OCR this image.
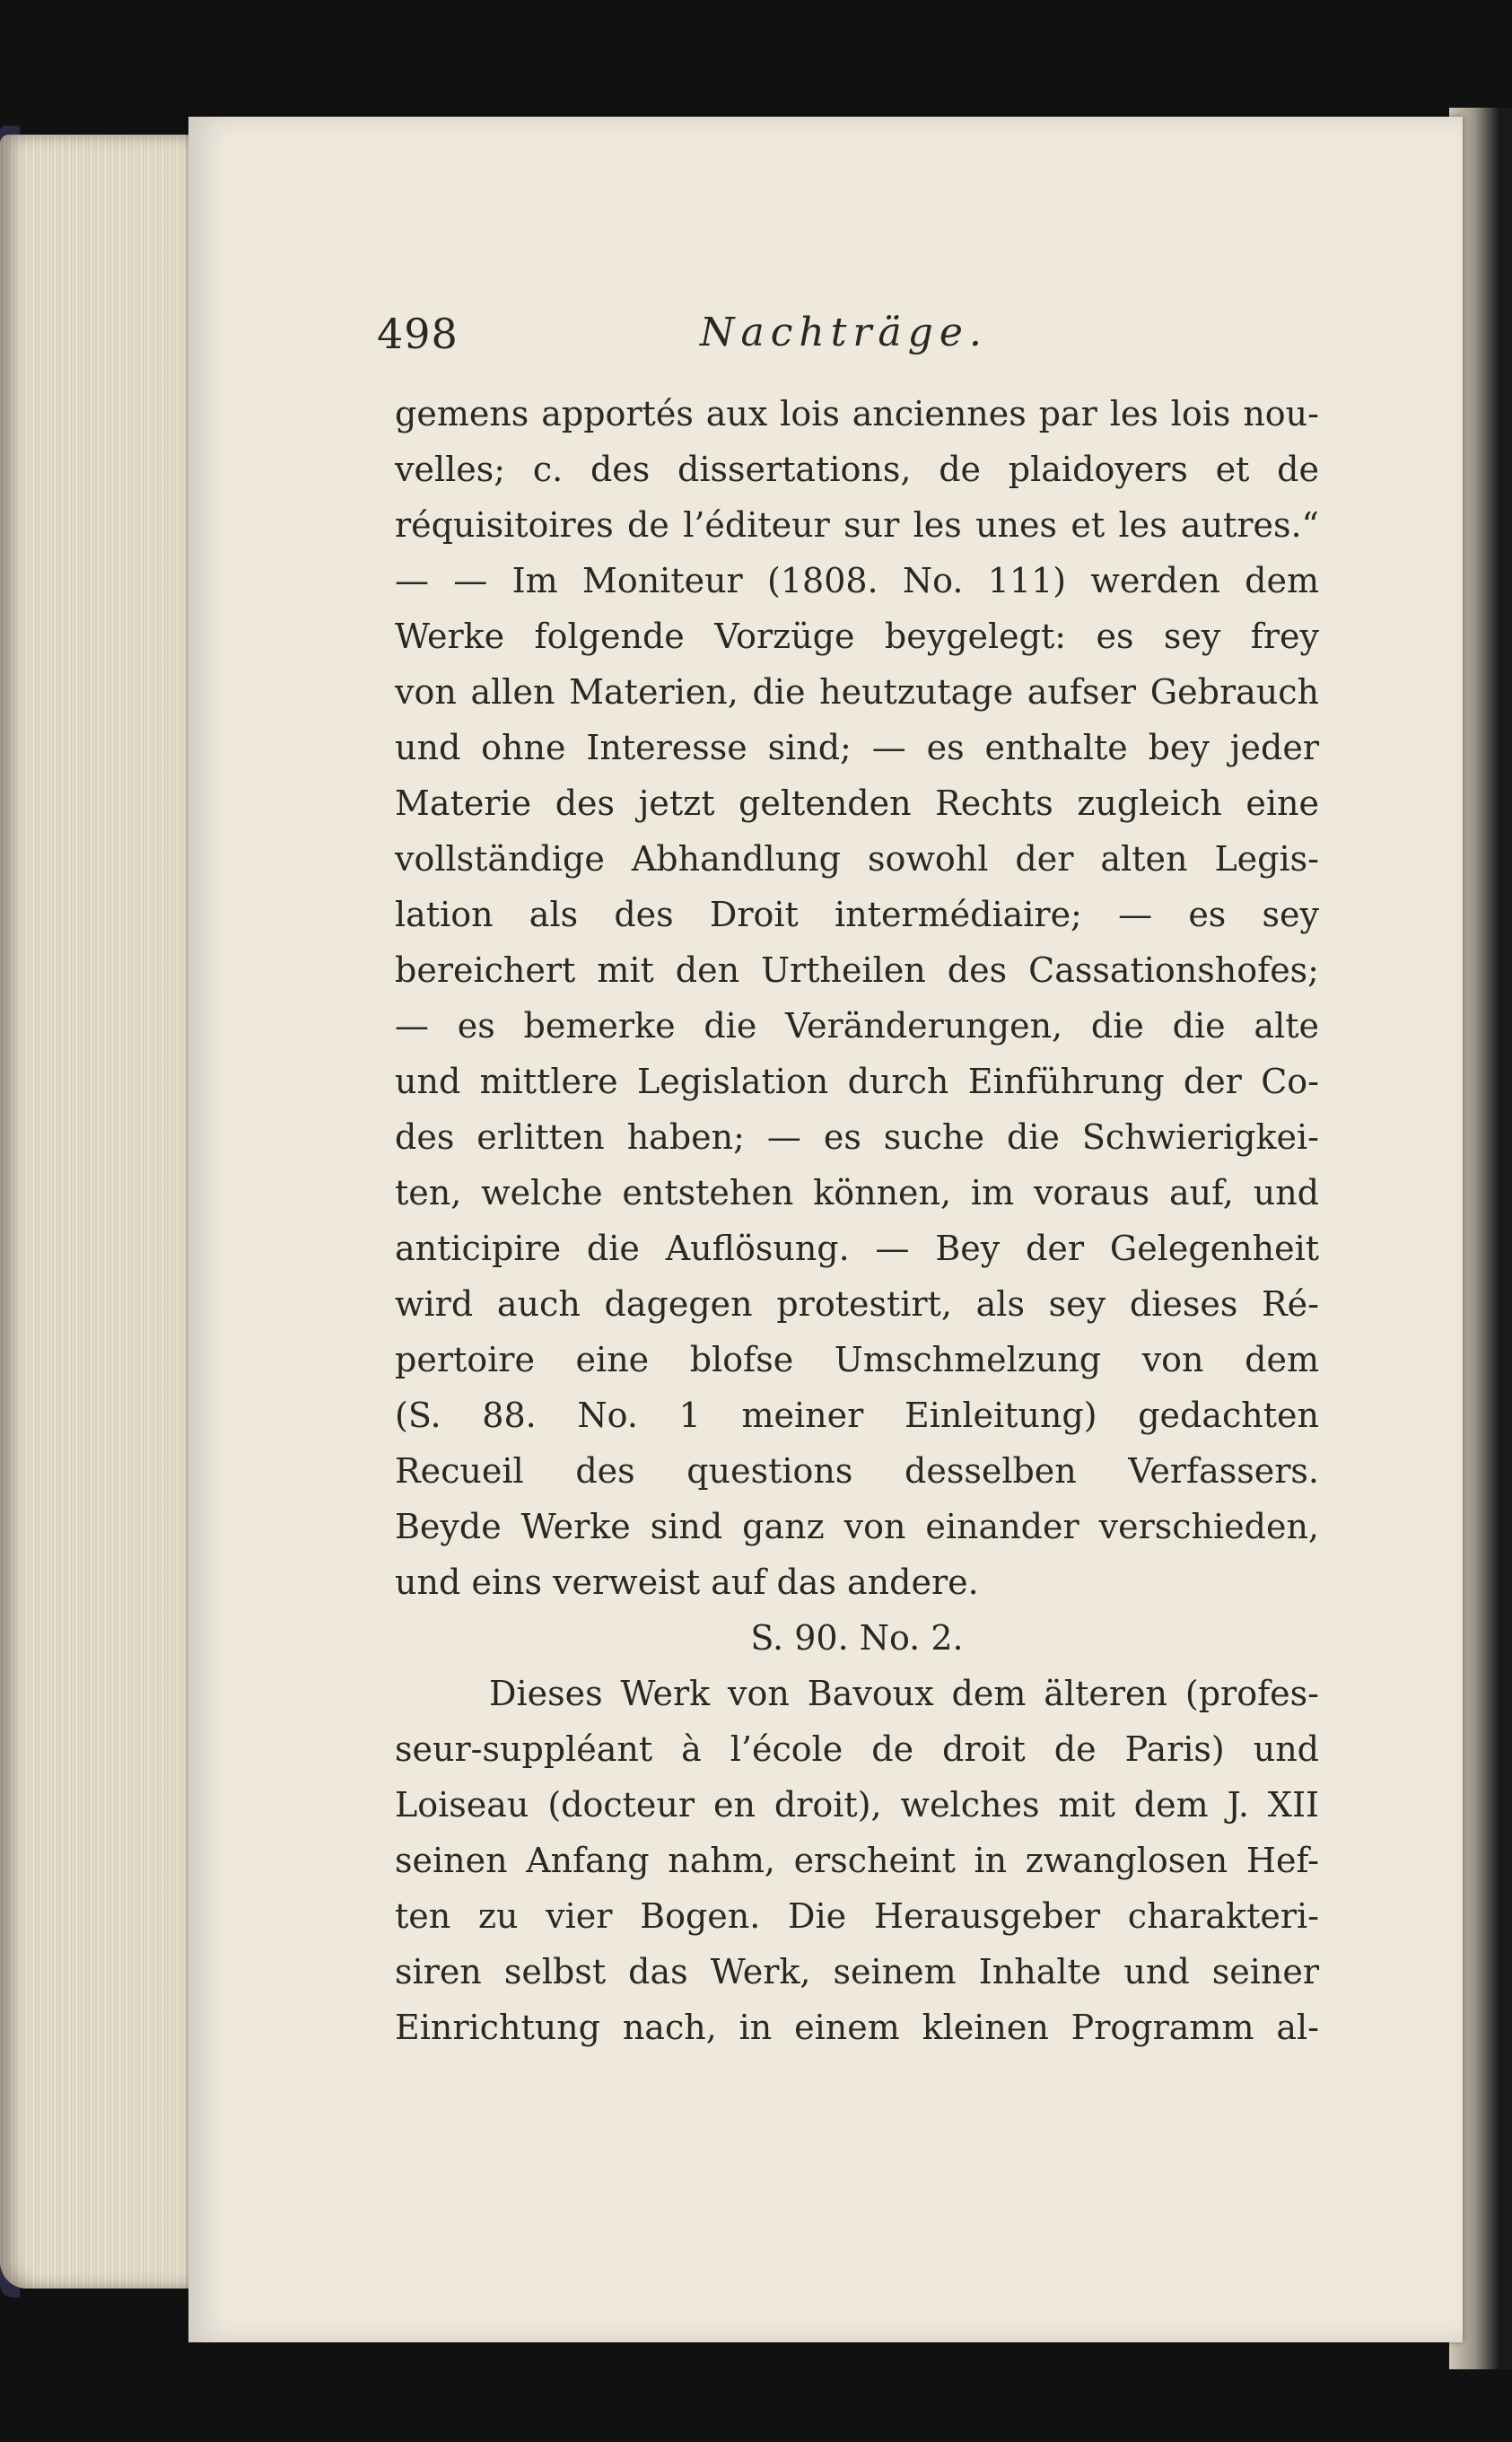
498	Nachträge.
gemens apportés aux lois anciennes par les lois nou-
velles; c. des dissertations, de plaidoyers et de
réquisitoires de l’éditeur sur les unes et les autres.“
— — Im Moniteur (1808. No. 111) werden dem
Werke folgende Vorzüge beygelegt: es sey frey
von allen Materien, die heutzutage aufser Gebrauch
und ohne Interesse sind; — es enthalte bey jeder
Materie des jetzt geltenden Rechts zugleich eine
vollständige Abhandlung sowohl der alten Legis-
lation als des Droit intermédiaire; — es sey
bereichert mit den Urtheilen des Cassationshofes;
— es bemerke die Veränderungen, die die alte
und mittlere Legislation durch Einführung der Co-
des erlitten haben; — es suche die Schwierigkei-
ten, welche entstehen können, im voraus auf, und
anticipire die Auflösung. — Bey der Gelegenheit
wird auch dagegen protestirt, als sey dieses Ré-
pertoire eine blofse Umschmelzung von dem
(S. 88. No. 1 meiner Einleitung) gedachten
Recueil des questions desselben Verfassers.
Beyde Werke sind ganz von einander verschieden,
und eins verweist auf das andere.
S. 90. No. 2.
Dieses Werk von Bavoux dem älteren (profes-
seur-suppléant à l’école de droit de Paris) und
Loiseau (docteur en droit), welches mit dem J. XII
seinen Anfang nahm, erscheint in zwanglosen Hef-
ten zu vier Bogen. Die Herausgeber charakteri-
siren selbst das Werk, seinem Inhalte und seiner
Einrichtung nach, in einem kleinen Programm al-
